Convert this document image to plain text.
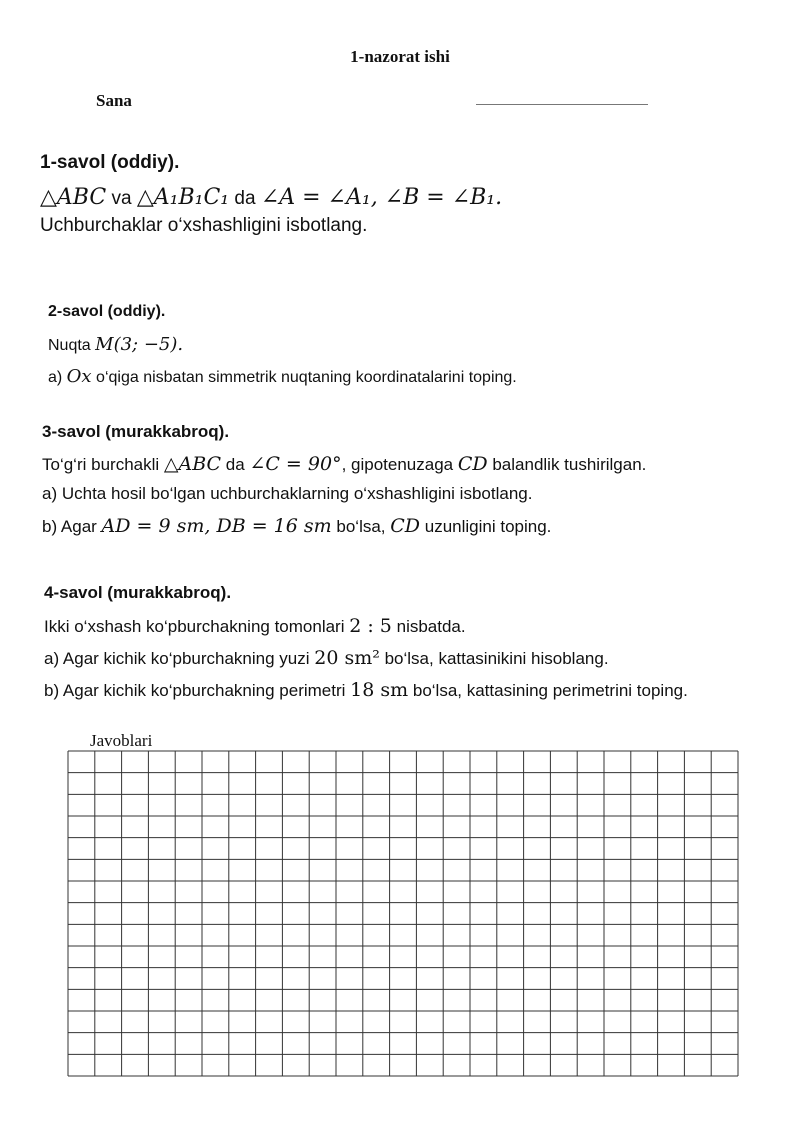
1-nazorat ishi
Sana
1-savol (oddiy).
△ABC va △A₁B₁C₁ da ∠A = ∠A₁, ∠B = ∠B₁.
Uchburchaklar o‘xshashligini isbotlang.
2-savol (oddiy).
Nuqta M(3; −5).
a) Ox o‘qiga nisbatan simmetrik nuqtaning koordinatalarini toping.
3-savol (murakkabroq).
To‘g‘ri burchakli △ABC da ∠C = 90°, gipotenuzaga CD balandlik tushirilgan.
a) Uchta hosil bo‘lgan uchburchaklarning o‘xshashligini isbotlang.
b) Agar AD = 9 sm, DB = 16 sm bo‘lsa, CD uzunligini toping.
4-savol (murakkabroq).
Ikki o‘xshash ko‘pburchakning tomonlari 2 : 5 nisbatda.
a) Agar kichik ko‘pburchakning yuzi 20 sm² bo‘lsa, kattasinikini hisoblang.
b) Agar kichik ko‘pburchakning perimetri 18 sm bo‘lsa, kattasining perimetrini toping.
Javoblari
